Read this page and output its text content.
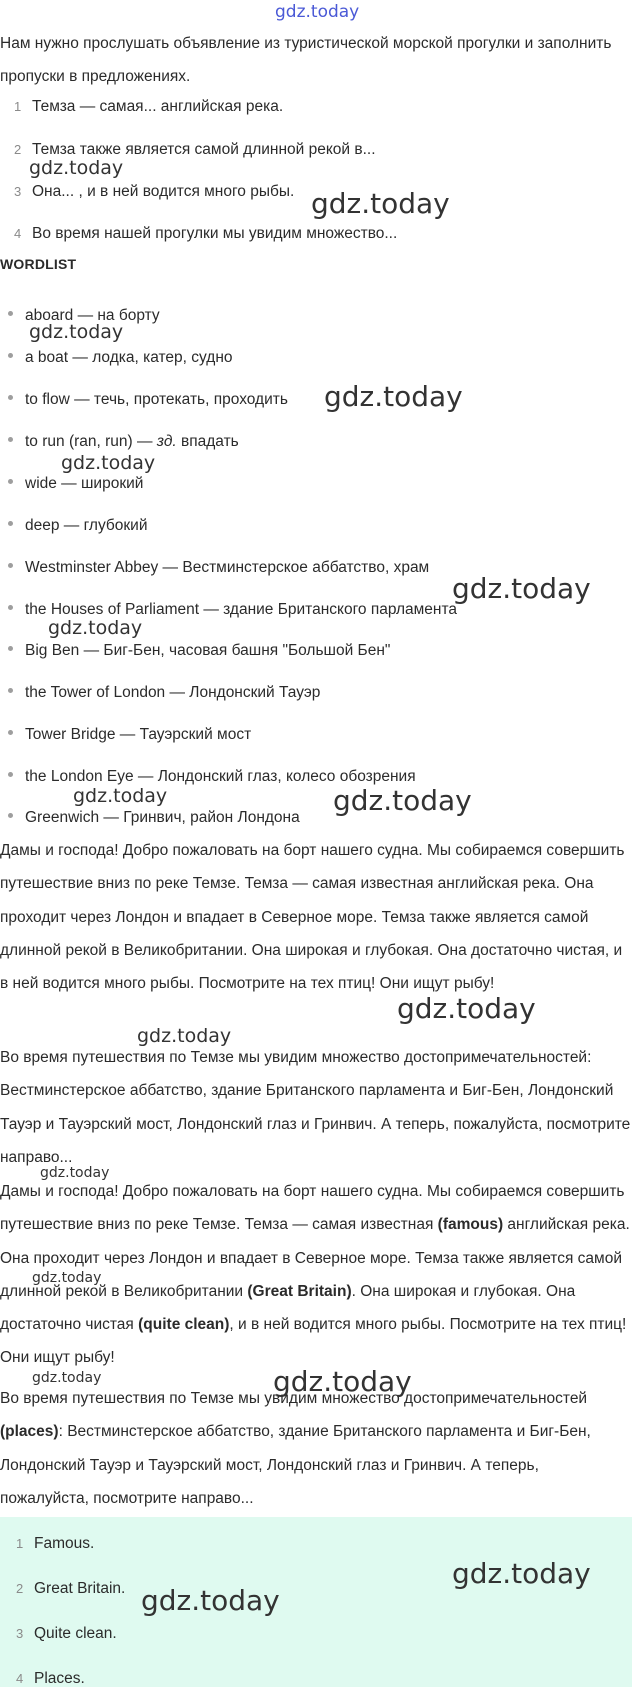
gdz.today

Нам нужно прослушать объявление из туристической морской прогулки и заполнить пропуски в предложениях.

1 Темза — самая... английская река.
2 Темза также является самой длинной рекой в...
3 Она... , и в ней водится много рыбы.
4 Во время нашей прогулки мы увидим множество...
WORDLIST
aboard — на борту
a boat — лодка, катер, судно
to flow — течь, протекать, проходить
to run (ran, run) — зд. впадать
wide — широкий
deep — глубокий
Westminster Abbey — Вестминстерское аббатство, храм
the Houses of Parliament — здание Британского парламента
Big Ben — Биг-Бен, часовая башня "Большой Бен"
the Tower of London — Лондонский Тауэр
Tower Bridge — Тауэрский мост
the London Eye — Лондонский глаз, колесо обозрения
Greenwich — Гринвич, район Лондона

Дамы и господа! Добро пожаловать на борт нашего судна. Мы собираемся совершить путешествие вниз по реке Темзе. Темза — самая известная английская река. Она проходит через Лондон и впадает в Северное море. Темза также является самой длинной рекой в Великобритании. Она широкая и глубокая. Она достаточно чистая, и в ней водится много рыбы. Посмотрите на тех птиц! Они ищут рыбу!

Во время путешествия по Темзе мы увидим множество достопримечательностей: Вестминстерское аббатство, здание Британского парламента и Биг-Бен, Лондонский Тауэр и Тауэрский мост, Лондонский глаз и Гринвич. А теперь, пожалуйста, посмотрите направо...

Дамы и господа! Добро пожаловать на борт нашего судна. Мы собираемся совершить путешествие вниз по реке Темзе. Темза — самая известная (famous) английская река. Она проходит через Лондон и впадает в Северное море. Темза также является самой длинной рекой в Великобритании (Great Britain). Она широкая и глубокая. Она достаточно чистая (quite clean), и в ней водится много рыбы. Посмотрите на тех птиц! Они ищут рыбу!

Во время путешествия по Темзе мы увидим множество достопримечательностей (places): Вестминстерское аббатство, здание Британского парламента и Биг-Бен, Лондонский Тауэр и Тауэрский мост, Лондонский глаз и Гринвич. А теперь, пожалуйста, посмотрите направо...

1 Famous.
2 Great Britain.
3 Quite clean.
4 Places.
gdz.today
gdz.today
gdz.today
gdz.today
gdz.today
gdz.today
gdz.today
gdz.today	gdz.today
gdz.today
gdz.today
gdz.today
gdz.today
gdz.today	gdz.today
gdz.today
gdz.today
